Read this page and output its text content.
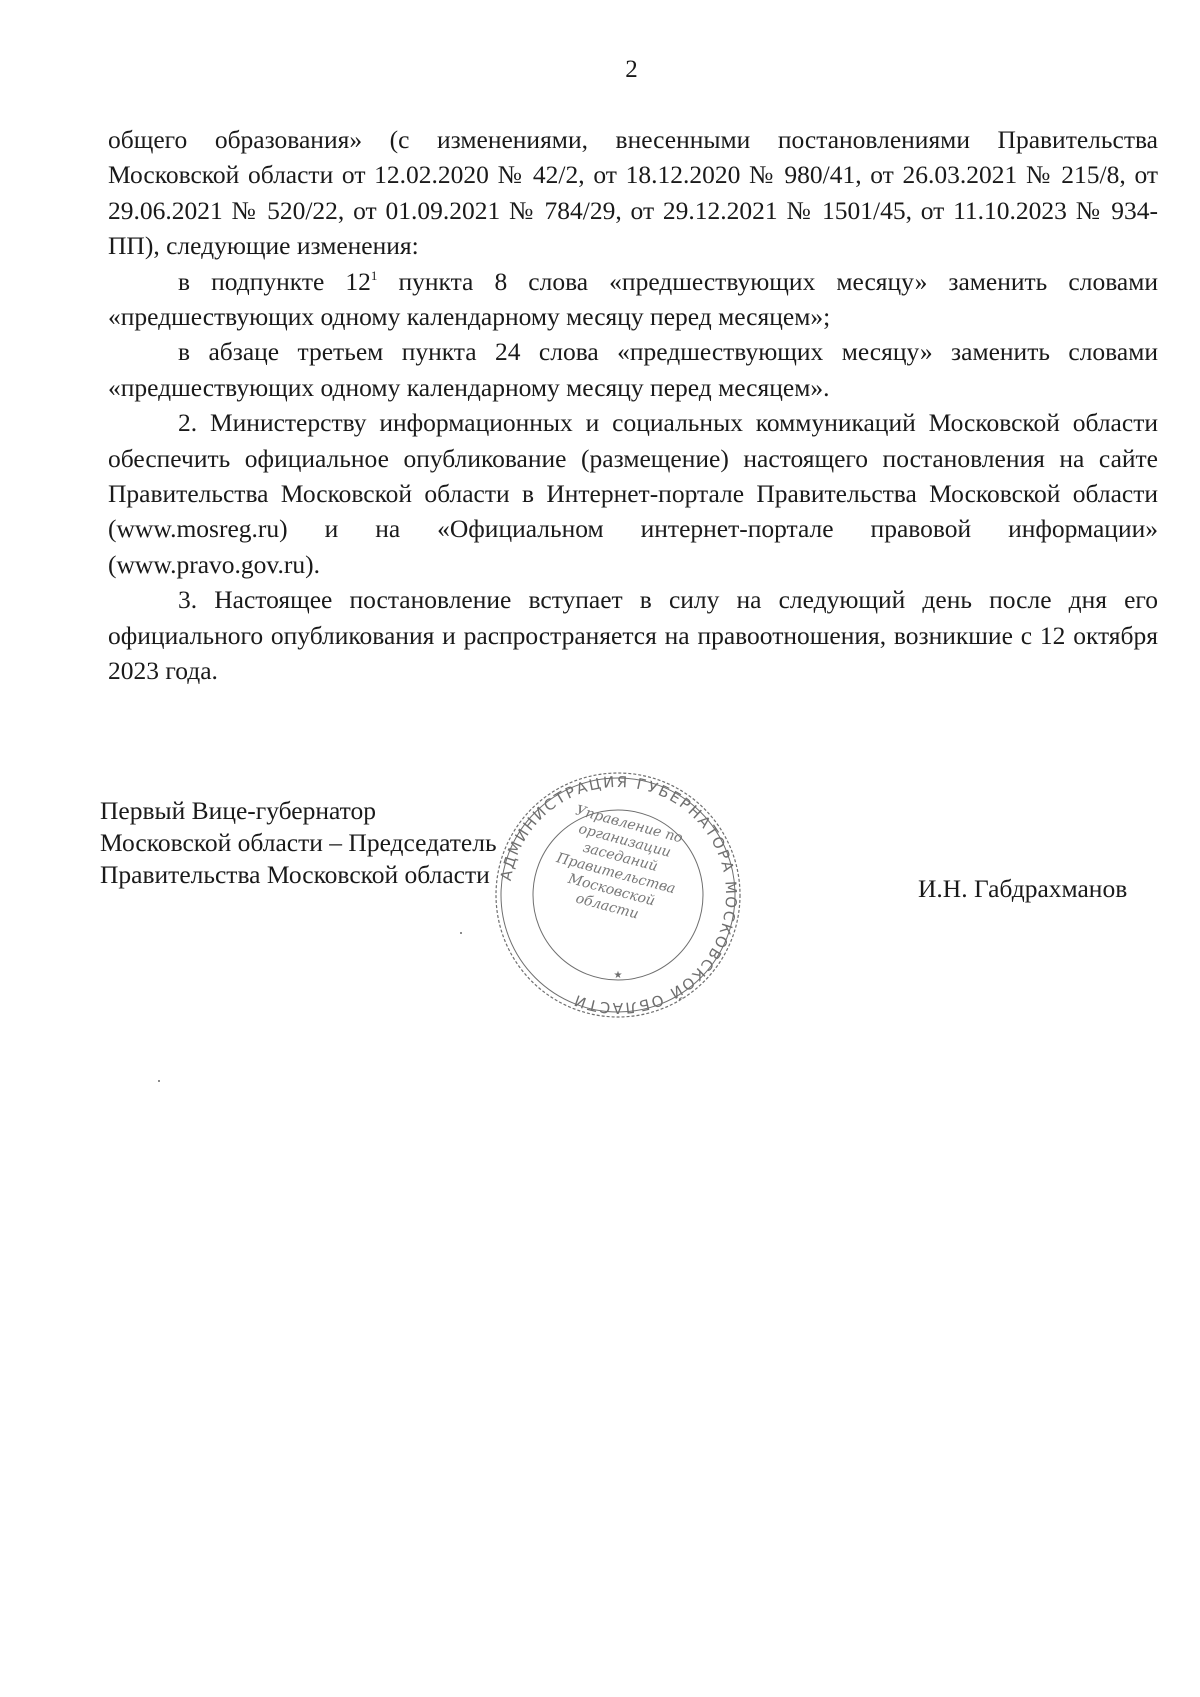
2

общего образования» (с изменениями, внесенными постановлениями Правительства Московской области от 12.02.2020 № 42/2, от 18.12.2020 № 980/41, от 26.03.2021 № 215/8, от 29.06.2021 № 520/22, от 01.09.2021 № 784/29, от 29.12.2021 № 1501/45, от 11.10.2023 № 934-ПП), следующие изменения:

в подпункте $12^1$ пункта 8 слова «предшествующих месяцу» заменить словами «предшествующих одному календарному месяцу перед месяцем»;

в абзаце третьем пункта 24 слова «предшествующих месяцу» заменить словами «предшествующих одному календарному месяцу перед месяцем».

2. Министерству информационных и социальных коммуникаций Московской области обеспечить официальное опубликование (размещение) настоящего постановления на сайте Правительства Московской области в Интернет-портале Правительства Московской области (www.mosreg.ru) и на «Официальном интернет-портале правовой информации» (www.pravo.gov.ru).

3. Настоящее постановление вступает в силу на следующий день после дня его официального опубликования и распространяется на правоотношения, возникшие с 12 октября 2023 года.

АДМИНИСТРАЦИЯ ГУБЕРНАТОРА МОСКОВСКОЙ ОБЛАСТИ
★
Управление по организации заседаний Правительства Московской области
Первый Вице-губернатор
Московской области – Председатель
Правительства Московской области	И.Н. Габдрахманов
